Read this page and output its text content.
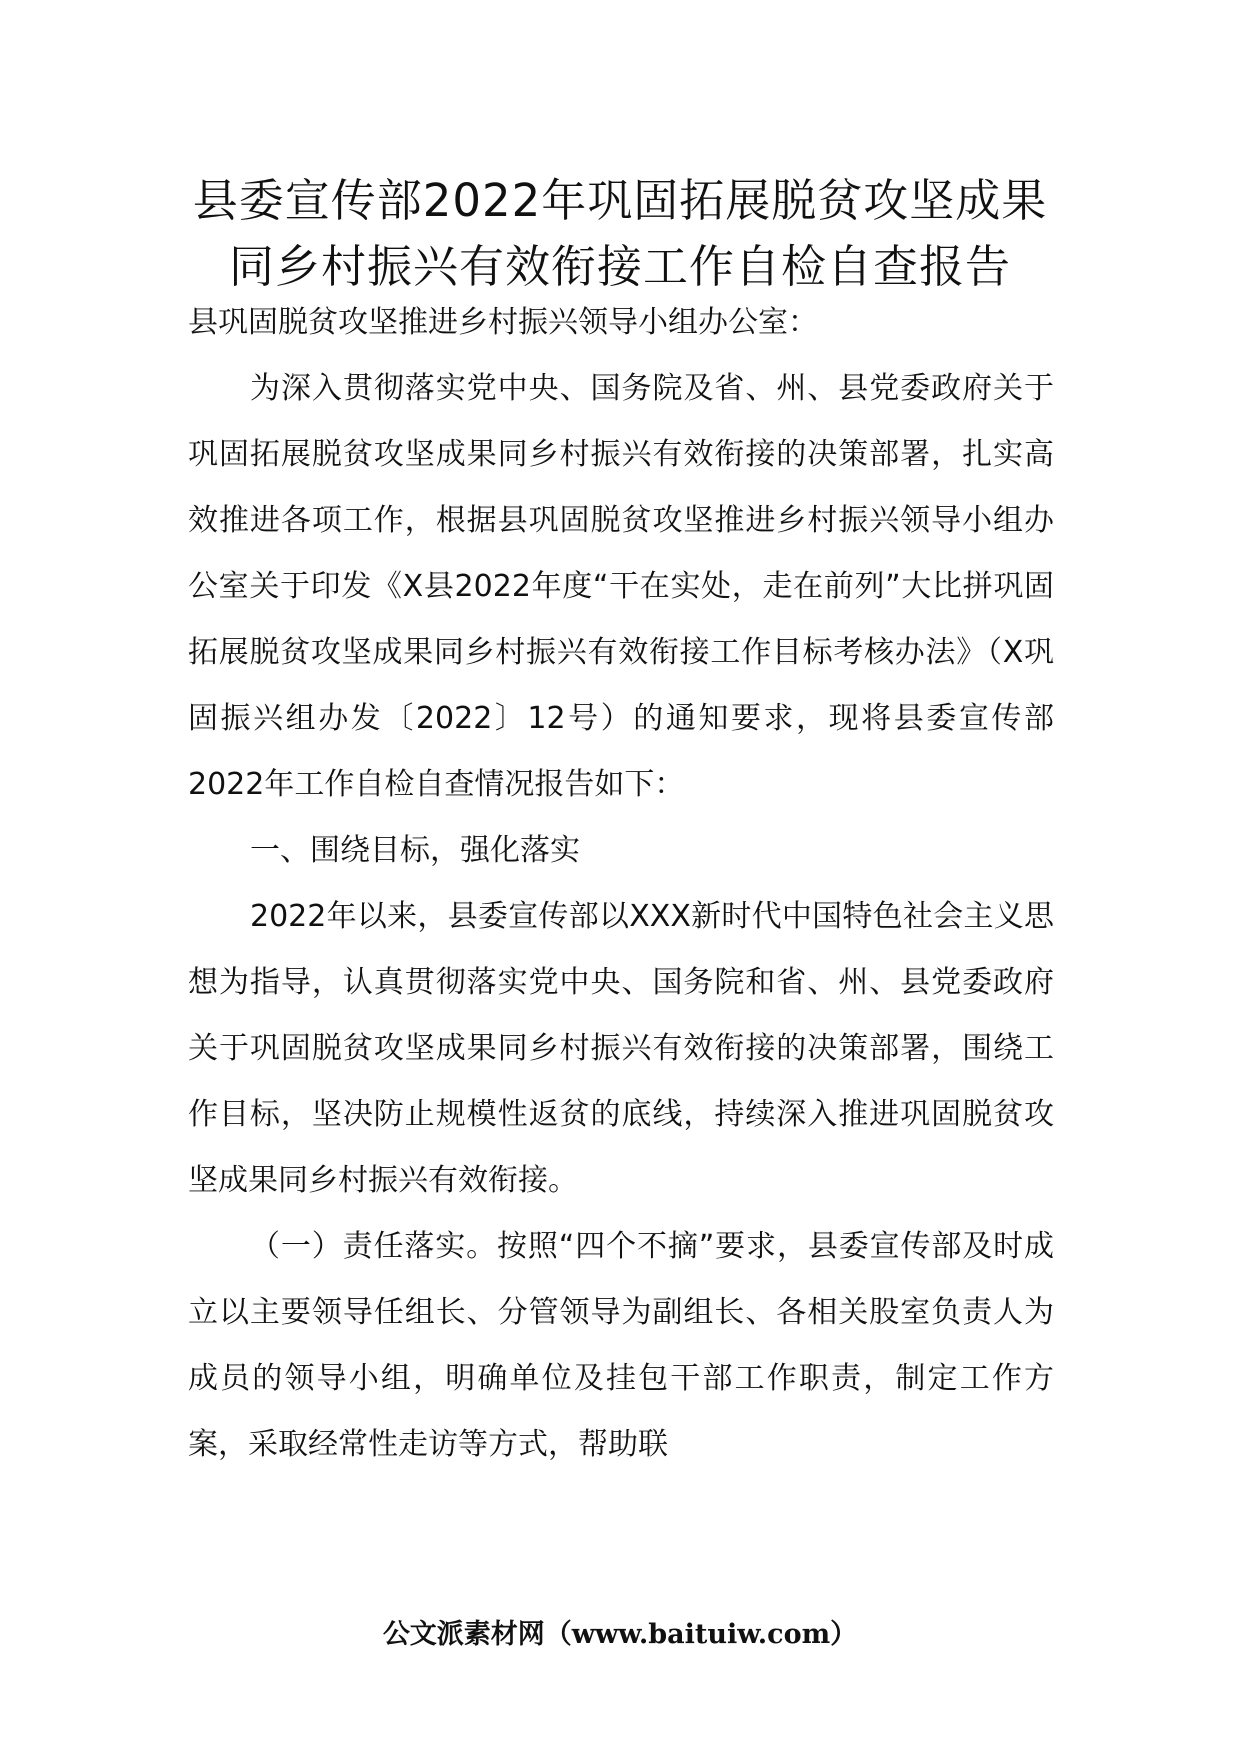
县委宣传部2022年巩固拓展脱贫攻坚成果
同乡村振兴有效衔接工作自检自查报告

县巩固脱贫攻坚推进乡村振兴领导小组办公室：

为深入贯彻落实党中央、国务院及省、州、县党委政府关于巩固拓展脱贫攻坚成果同乡村振兴有效衔接的决策部署，扎实高效推进各项工作，根据县巩固脱贫攻坚推进乡村振兴领导小组办公室关于印发《X县2022年度“干在实处，走在前列”大比拼巩固拓展脱贫攻坚成果同乡村振兴有效衔接工作目标考核办法》（X巩固振兴组办发〔2022〕12号）的通知要求，现将县委宣传部2022年工作自检自查情况报告如下：

一、围绕目标，强化落实

2022年以来，县委宣传部以XXX新时代中国特色社会主义思想为指导，认真贯彻落实党中央、国务院和省、州、县党委政府关于巩固脱贫攻坚成果同乡村振兴有效衔接的决策部署，围绕工作目标，坚决防止规模性返贫的底线，持续深入推进巩固脱贫攻坚成果同乡村振兴有效衔接。

（一）责任落实。按照“四个不摘”要求，县委宣传部及时成立以主要领导任组长、分管领导为副组长、各相关股室负责人为成员的领导小组，明确单位及挂包干部工作职责，制定工作方案，采取经常性走访等方式，帮助联

公文派素材网（www.baituiw.com）
